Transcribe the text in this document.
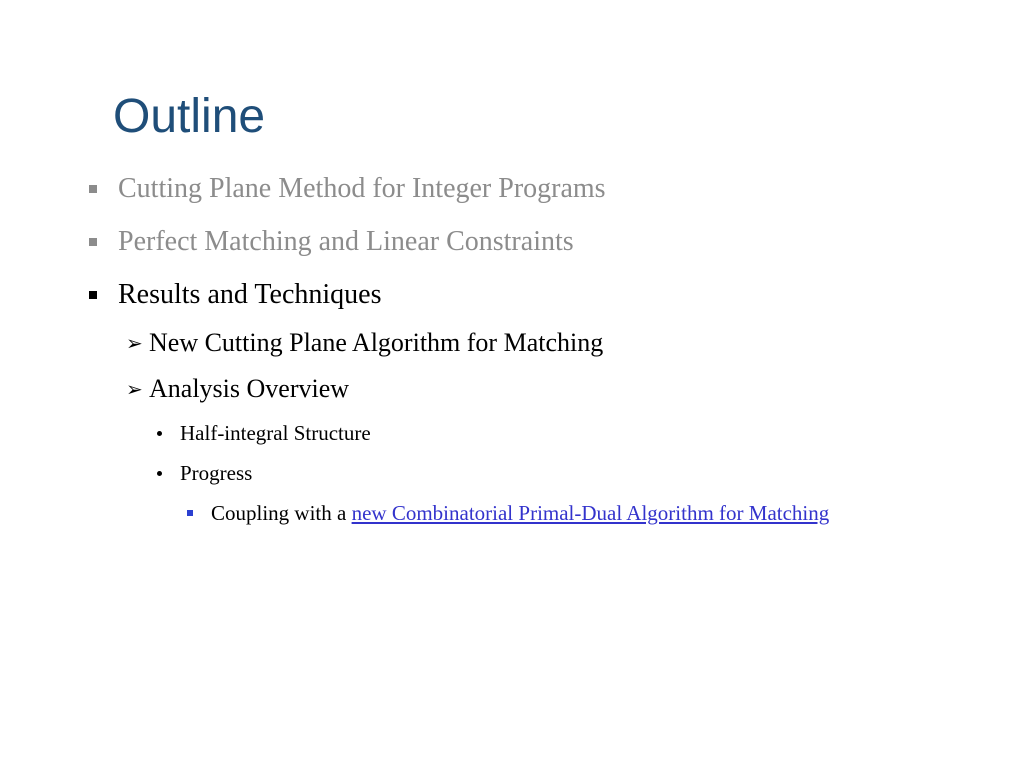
Outline
Cutting Plane Method for Integer Programs
Perfect Matching and Linear Constraints
Results and Techniques
➢ New Cutting Plane Algorithm for Matching
➢ Analysis Overview
Half-integral Structure
Progress
Coupling with a new Combinatorial Primal-Dual Algorithm for Matching
